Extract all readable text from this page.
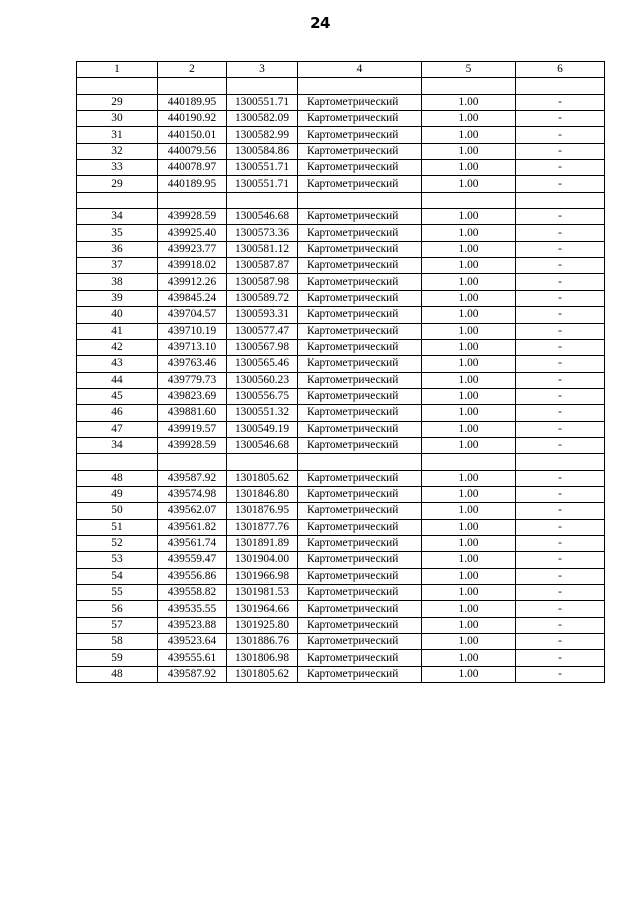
24
1	2	3	4	5	6

29	440189.95	1300551.71	Картометрический	1.00	-
30	440190.92	1300582.09	Картометрический	1.00	-
31	440150.01	1300582.99	Картометрический	1.00	-
32	440079.56	1300584.86	Картометрический	1.00	-
33	440078.97	1300551.71	Картометрический	1.00	-
29	440189.95	1300551.71	Картометрический	1.00	-

34	439928.59	1300546.68	Картометрический	1.00	-
35	439925.40	1300573.36	Картометрический	1.00	-
36	439923.77	1300581.12	Картометрический	1.00	-
37	439918.02	1300587.87	Картометрический	1.00	-
38	439912.26	1300587.98	Картометрический	1.00	-
39	439845.24	1300589.72	Картометрический	1.00	-
40	439704.57	1300593.31	Картометрический	1.00	-
41	439710.19	1300577.47	Картометрический	1.00	-
42	439713.10	1300567.98	Картометрический	1.00	-
43	439763.46	1300565.46	Картометрический	1.00	-
44	439779.73	1300560.23	Картометрический	1.00	-
45	439823.69	1300556.75	Картометрический	1.00	-
46	439881.60	1300551.32	Картометрический	1.00	-
47	439919.57	1300549.19	Картометрический	1.00	-
34	439928.59	1300546.68	Картометрический	1.00	-

48	439587.92	1301805.62	Картометрический	1.00	-
49	439574.98	1301846.80	Картометрический	1.00	-
50	439562.07	1301876.95	Картометрический	1.00	-
51	439561.82	1301877.76	Картометрический	1.00	-
52	439561.74	1301891.89	Картометрический	1.00	-
53	439559.47	1301904.00	Картометрический	1.00	-
54	439556.86	1301966.98	Картометрический	1.00	-
55	439558.82	1301981.53	Картометрический	1.00	-
56	439535.55	1301964.66	Картометрический	1.00	-
57	439523.88	1301925.80	Картометрический	1.00	-
58	439523.64	1301886.76	Картометрический	1.00	-
59	439555.61	1301806.98	Картометрический	1.00	-
48	439587.92	1301805.62	Картометрический	1.00	-
